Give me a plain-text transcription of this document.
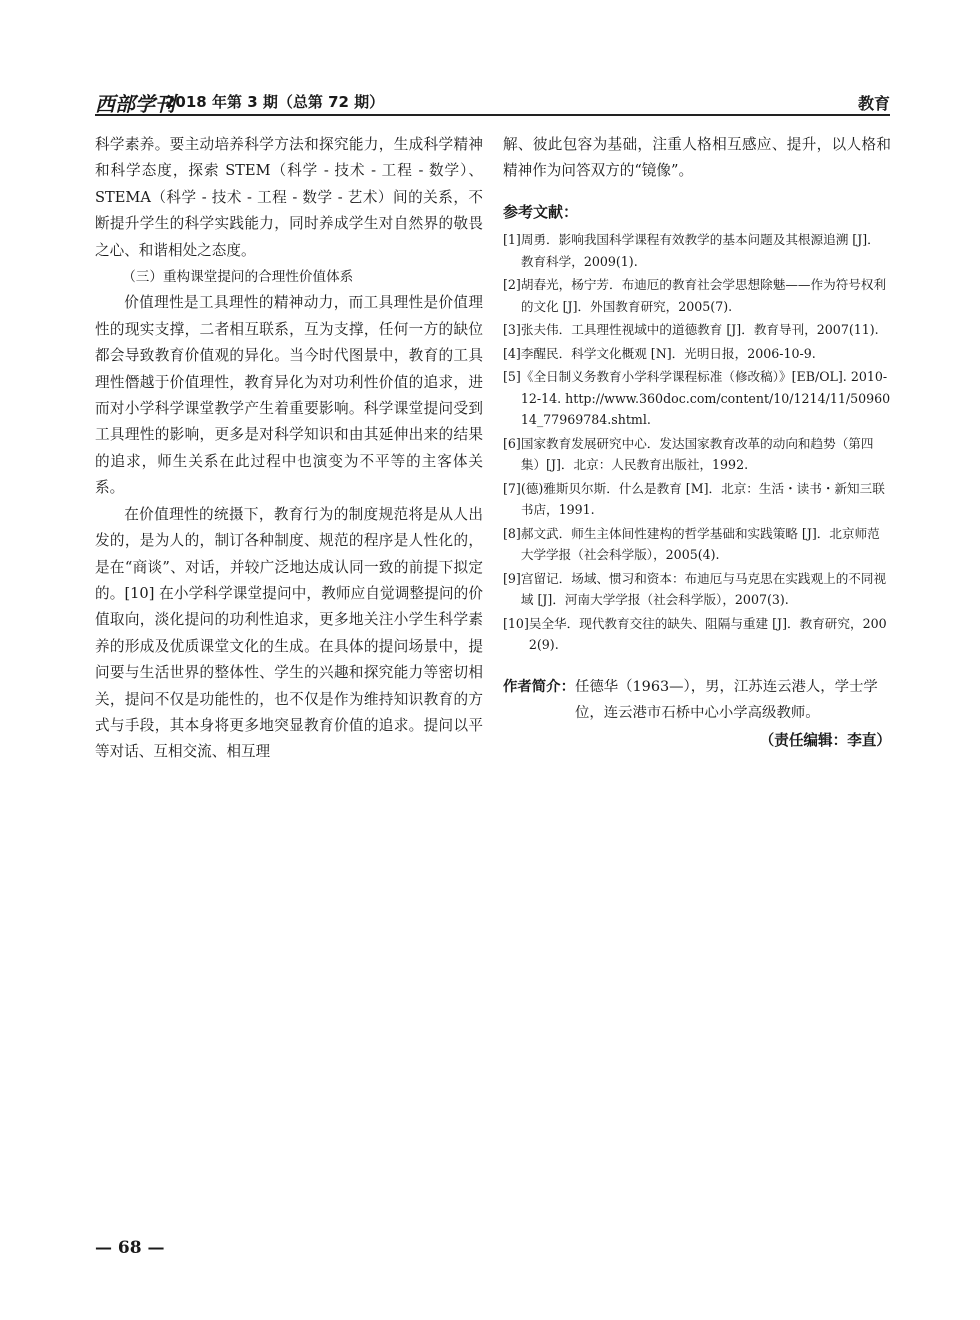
西部学刊
2018 年第 3 期（总第 72 期）	教育

科学素养。要主动培养科学方法和探究能力，生成科学精神和科学态度，探索 STEM（科学 - 技术 - 工程 - 数学）、STEMA（科学 - 技术 - 工程 - 数学 - 艺术）间的关系，不断提升学生的科学实践能力，同时养成学生对自然界的敬畏之心、和谐相处之态度。

（三）重构课堂提问的合理性价值体系

价值理性是工具理性的精神动力，而工具理性是价值理性的现实支撑，二者相互联系，互为支撑，任何一方的缺位都会导致教育价值观的异化。当今时代图景中，教育的工具理性僭越于价值理性，教育异化为对功利性价值的追求，进而对小学科学课堂教学产生着重要影响。科学课堂提问受到工具理性的影响，更多是对科学知识和由其延伸出来的结果的追求，师生关系在此过程中也演变为不平等的主客体关系。

在价值理性的统摄下，教育行为的制度规范将是从人出发的，是为人的，制订各种制度、规范的程序是人性化的，是在“商谈”、对话，并较广泛地达成认同一致的前提下拟定的。[10] 在小学科学课堂提问中，教师应自觉调整提问的价值取向，淡化提问的功利性追求，更多地关注小学生科学素养的形成及优质课堂文化的生成。在具体的提问场景中，提问要与生活世界的整体性、学生的兴趣和探究能力等密切相关，提问不仅是功能性的，也不仅是作为维持知识教育的方式与手段，其本身将更多地突显教育价值的追求。提问以平等对话、互相交流、相互理

解、彼此包容为基础，注重人格相互感应、提升，以人格和精神作为问答双方的“镜像”。

参考文献：
[1] 周勇．影响我国科学课程有效教学的基本问题及其根源追溯 [J]．教育科学，2009(1).
[2] 胡春光，杨宁芳．布迪厄的教育社会学思想除魅——作为符号权利的文化 [J]．外国教育研究，2005(7).
[3] 张夫伟．工具理性视域中的道德教育 [J]．教育导刊，2007(11).
[4] 李醒民．科学文化概观 [N]．光明日报，2006-10-9.
[5] 《全日制义务教育小学科学课程标准（修改稿）》[EB/OL]. 2010-12-14. http://www.360doc.com/content/10/1214/11/5096014_77969784.shtml.
[6] 国家教育发展研究中心．发达国家教育改革的动向和趋势（第四集）[J]．北京：人民教育出版社，1992.
[7] (德)雅斯贝尔斯．什么是教育 [M]．北京：生活・读书・新知三联书店，1991.
[8] 郝文武．师生主体间性建构的哲学基础和实践策略 [J]．北京师范大学学报（社会科学版），2005(4).
[9] 宫留记．场域、惯习和资本：布迪厄与马克思在实践观上的不同视域 [J]．河南大学学报（社会科学版），2007(3).
[10] 吴全华．现代教育交往的缺失、阻隔与重建 [J]．教育研究，2002(9).
作者简介： 任德华（1963—），男，江苏连云港人，学士学位，连云港市石桥中心小学高级教师。
（责任编辑：李直）
— 68 —
